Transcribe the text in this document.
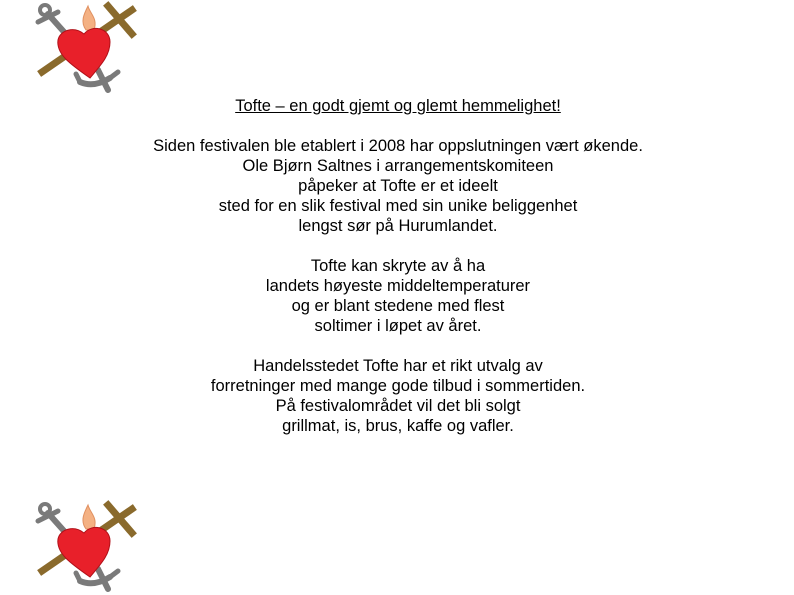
Tofte – en godt gjemt og glemt hemmelighet!
Siden festivalen ble etablert i 2008 har oppslutningen vært økende.
Ole Bjørn Saltnes i arrangementskomiteen
påpeker at Tofte er et ideelt
sted for en slik festival med sin unike beliggenhet
lengst sør på Hurumlandet.
Tofte kan skryte av å ha
landets høyeste middeltemperaturer
og er blant stedene med flest
soltimer i løpet av året.
Handelsstedet Tofte har et rikt utvalg av
forretninger med mange gode tilbud i sommertiden.
På festivalområdet vil det bli solgt
grillmat, is, brus, kaffe og vafler.
